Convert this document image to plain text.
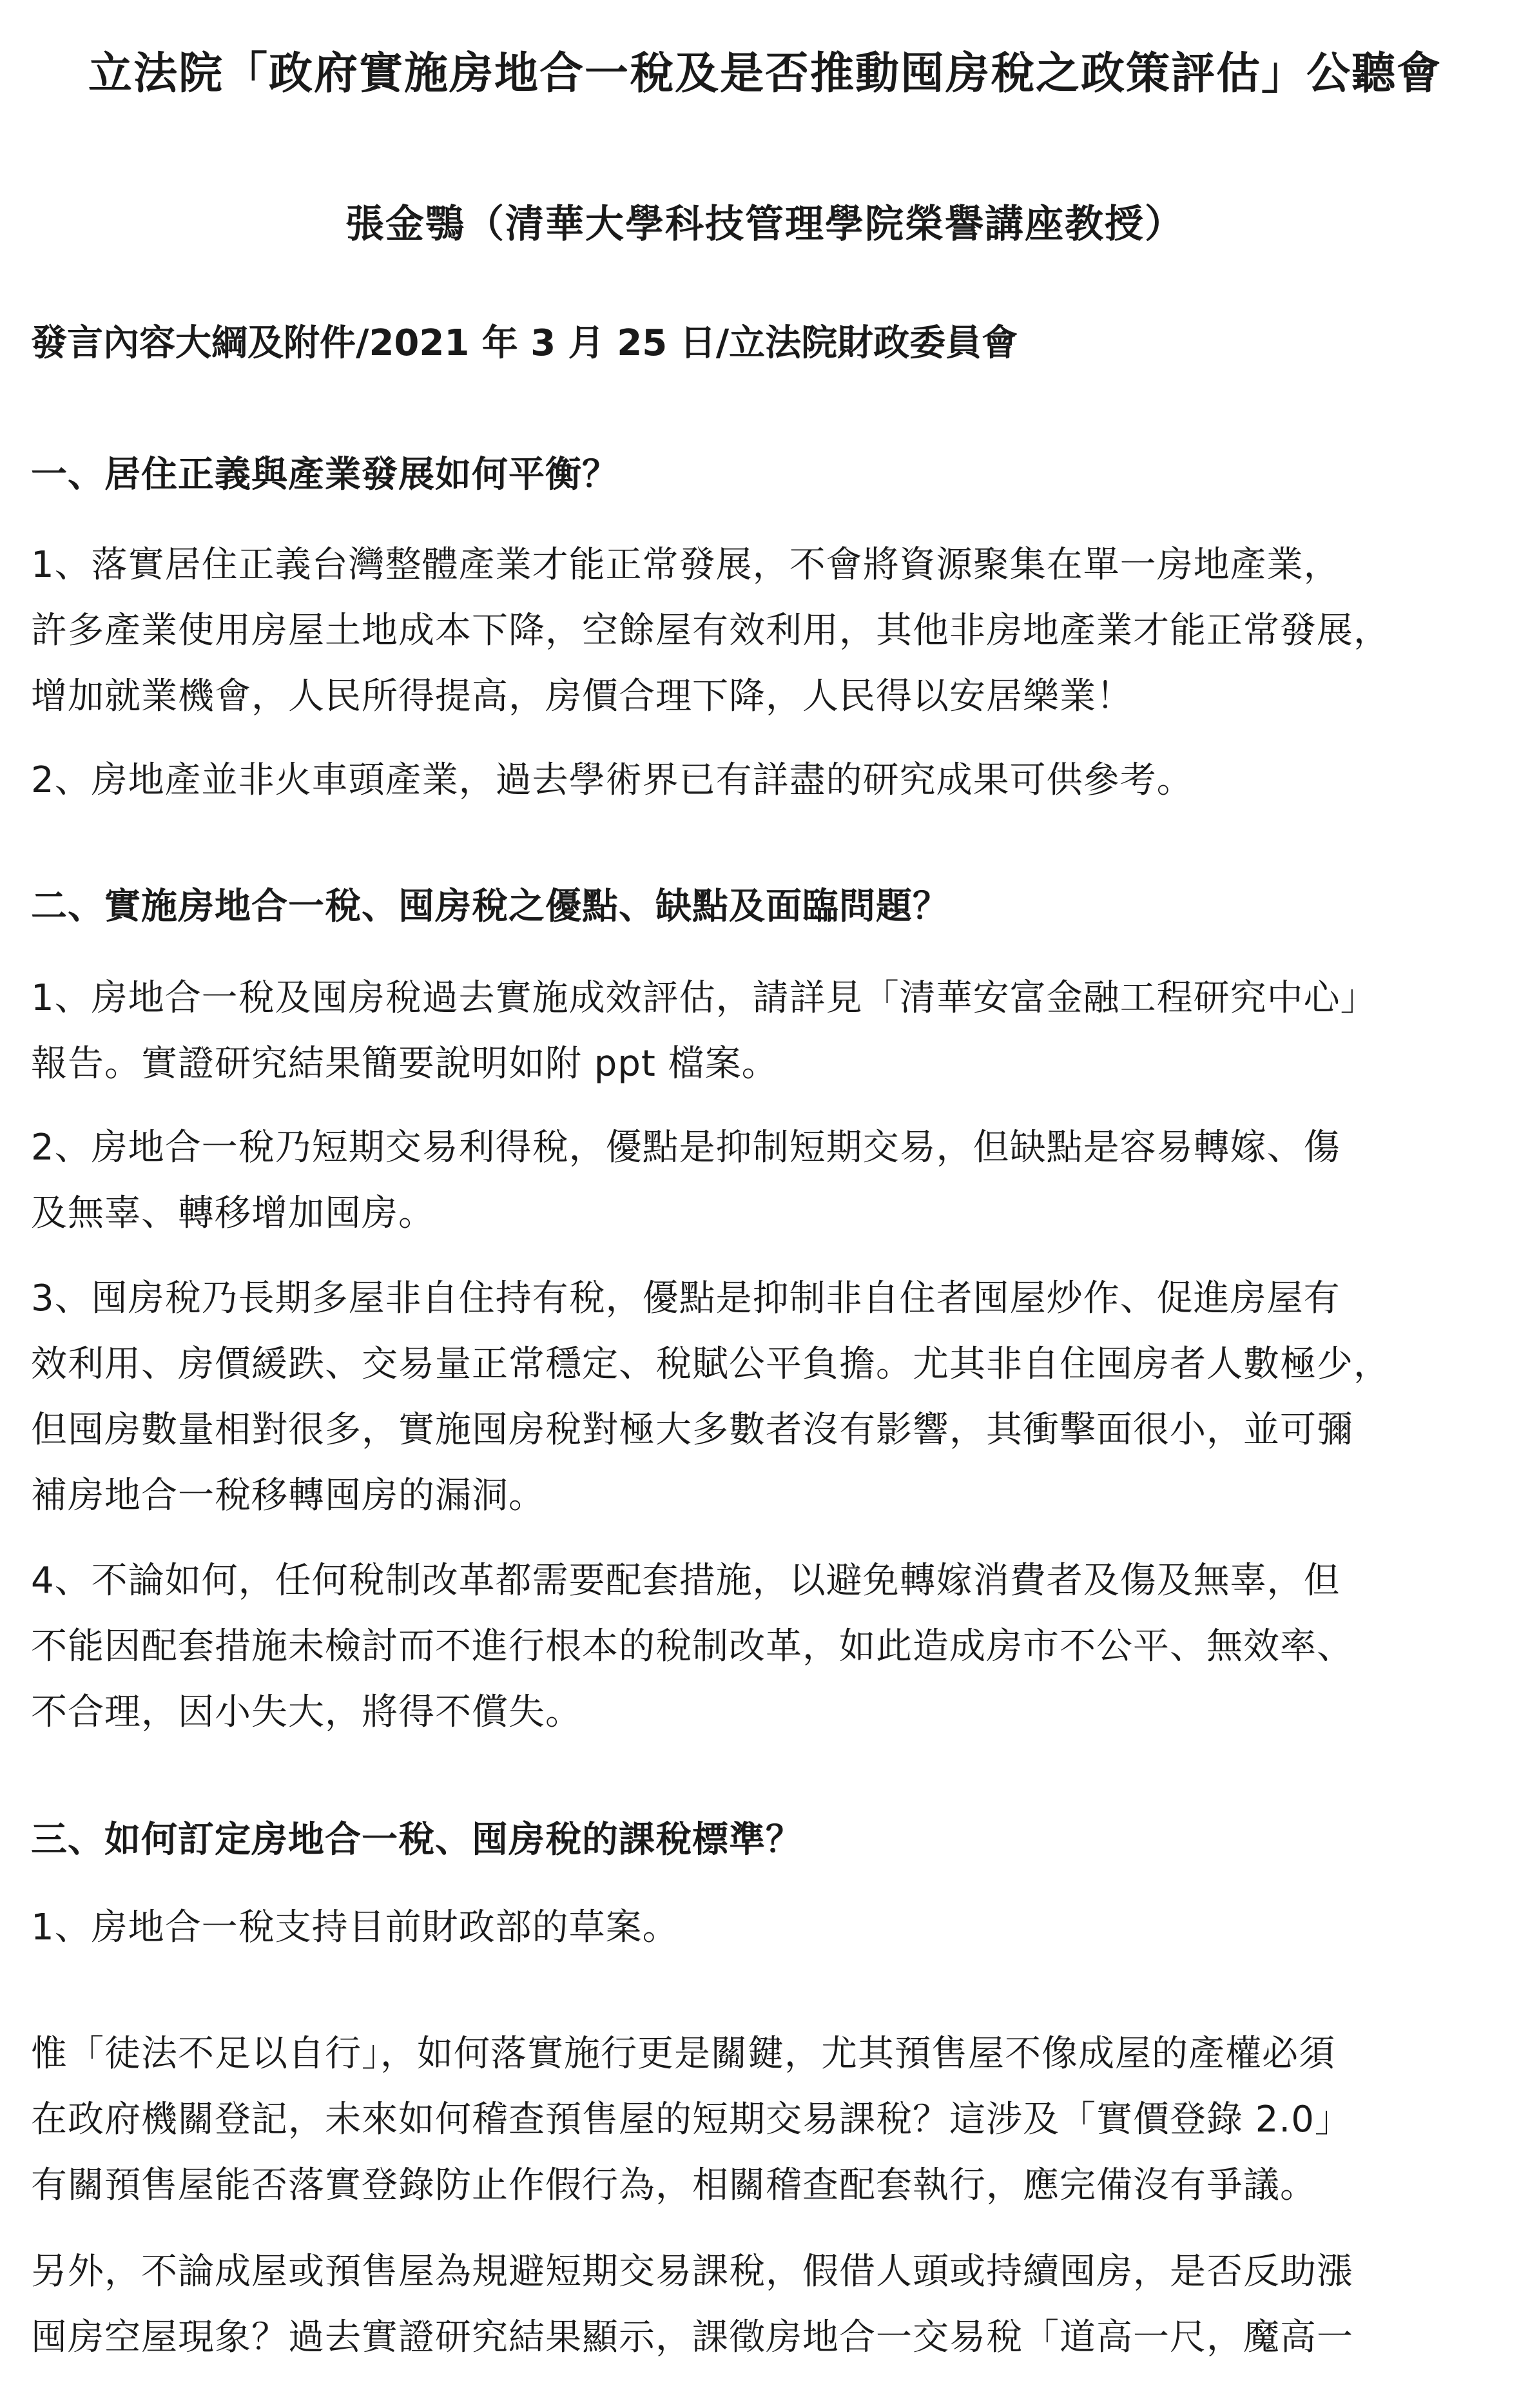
立法院「政府實施房地合一稅及是否推動囤房稅之政策評估」公聽會
張金鶚（清華大學科技管理學院榮譽講座教授）
發言內容大綱及附件/2021 年 3 月 25 日/立法院財政委員會
一、居住正義與產業發展如何平衡？
1、落實居住正義台灣整體產業才能正常發展，不會將資源聚集在單一房地產業，
許多產業使用房屋土地成本下降，空餘屋有效利用，其他非房地產業才能正常發展，
增加就業機會，人民所得提高，房價合理下降，人民得以安居樂業！
2、房地產並非火車頭產業，過去學術界已有詳盡的研究成果可供參考。
二、實施房地合一稅、囤房稅之優點、缺點及面臨問題？
1、房地合一稅及囤房稅過去實施成效評估，請詳見「清華安富金融工程研究中心」
報告。實證研究結果簡要說明如附 ppt 檔案。
2、房地合一稅乃短期交易利得稅，優點是抑制短期交易，但缺點是容易轉嫁、傷
及無辜、轉移增加囤房。
3、囤房稅乃長期多屋非自住持有稅，優點是抑制非自住者囤屋炒作、促進房屋有
效利用、房價緩跌、交易量正常穩定、稅賦公平負擔。尤其非自住囤房者人數極少，
但囤房數量相對很多，實施囤房稅對極大多數者沒有影響，其衝擊面很小，並可彌
補房地合一稅移轉囤房的漏洞。
4、不論如何，任何稅制改革都需要配套措施，以避免轉嫁消費者及傷及無辜，但
不能因配套措施未檢討而不進行根本的稅制改革，如此造成房市不公平、無效率、
不合理，因小失大，將得不償失。
三、如何訂定房地合一稅、囤房稅的課稅標準？
1、房地合一稅支持目前財政部的草案。
惟「徒法不足以自行」，如何落實施行更是關鍵，尤其預售屋不像成屋的產權必須
在政府機關登記，未來如何稽查預售屋的短期交易課稅？這涉及「實價登錄 2.0」
有關預售屋能否落實登錄防止作假行為，相關稽查配套執行，應完備沒有爭議。
另外，不論成屋或預售屋為規避短期交易課稅，假借人頭或持續囤房，是否反助漲
囤房空屋現象？過去實證研究結果顯示，課徵房地合一交易稅「道高一尺，魔高一
